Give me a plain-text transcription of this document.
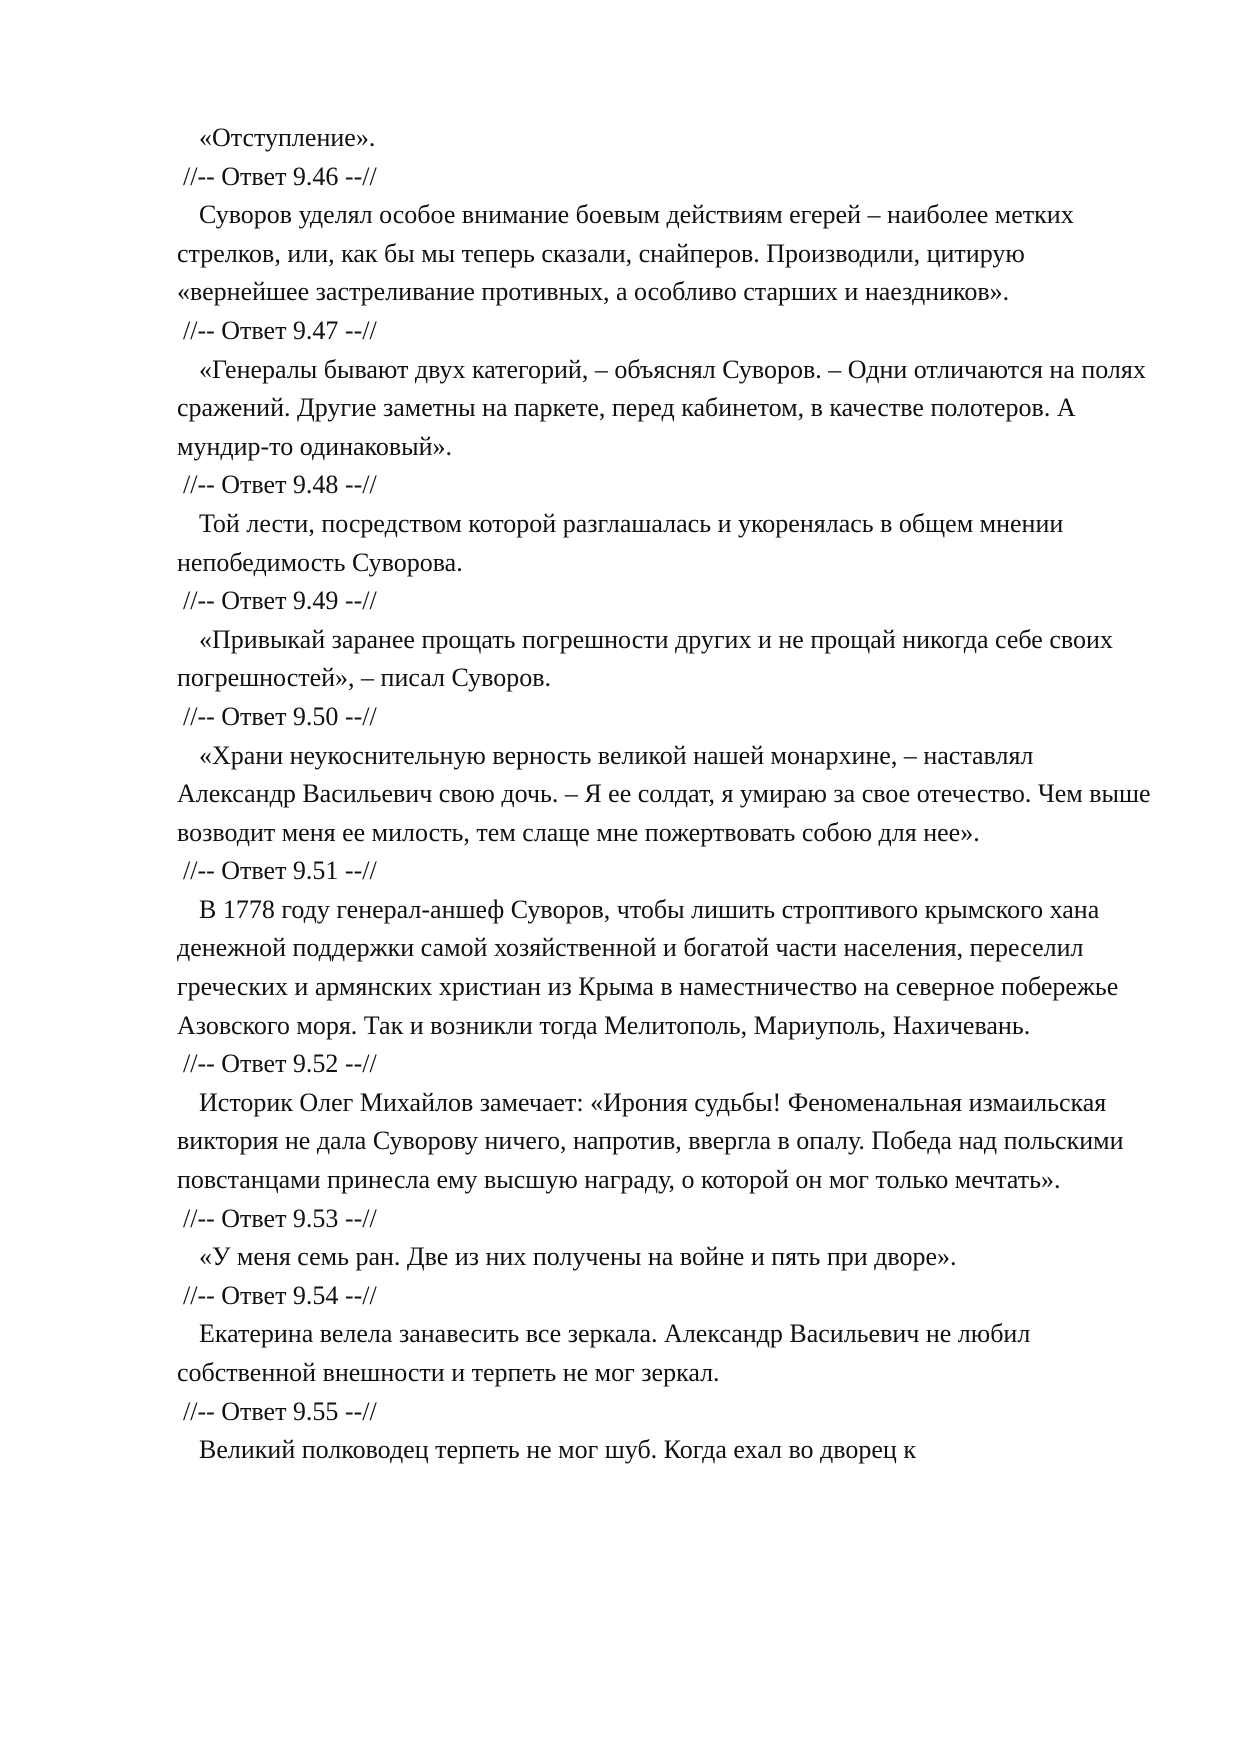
«Отступление».

//-- Ответ 9.46 --//

Суворов уделял особое внимание боевым действиям егерей – наиболее метких стрелков, или, как бы мы теперь сказали, снайперов. Производили, цитирую «вернейшее застреливание противных, а особливо старших и наездников».

//-- Ответ 9.47 --//

«Генералы бывают двух категорий, – объяснял Суворов. – Одни отличаются на полях сражений. Другие заметны на паркете, перед кабинетом, в качестве полотеров. А мундир-то одинаковый».

//-- Ответ 9.48 --//

Той лести, посредством которой разглашалась и укоренялась в общем мнении непобедимость Суворова.

//-- Ответ 9.49 --//

«Привыкай заранее прощать погрешности других и не прощай никогда себе своих погрешностей», – писал Суворов.

//-- Ответ 9.50 --//

«Храни неукоснительную верность великой нашей монархине, – наставлял Александр Васильевич свою дочь. – Я ее солдат, я умираю за свое отечество. Чем выше возводит меня ее милость, тем слаще мне пожертвовать собою для нее».

//-- Ответ 9.51 --//

В 1778 году генерал-аншеф Суворов, чтобы лишить строптивого крымского хана денежной поддержки самой хозяйственной и богатой части населения, переселил греческих и армянских христиан из Крыма в наместничество на северное побережье Азовского моря. Так и возникли тогда Мелитополь, Мариуполь, Нахичевань.

//-- Ответ 9.52 --//

Историк Олег Михайлов замечает: «Ирония судьбы! Феноменальная измаильская виктория не дала Суворову ничего, напротив, ввергла в опалу. Победа над польскими повстанцами принесла ему высшую награду, о которой он мог только мечтать».

//-- Ответ 9.53 --//

«У меня семь ран. Две из них получены на войне и пять при дворе».

//-- Ответ 9.54 --//

Екатерина велела занавесить все зеркала. Александр Васильевич не любил собственной внешности и терпеть не мог зеркал.

//-- Ответ 9.55 --//

Великий полководец терпеть не мог шуб. Когда ехал во дворец к
